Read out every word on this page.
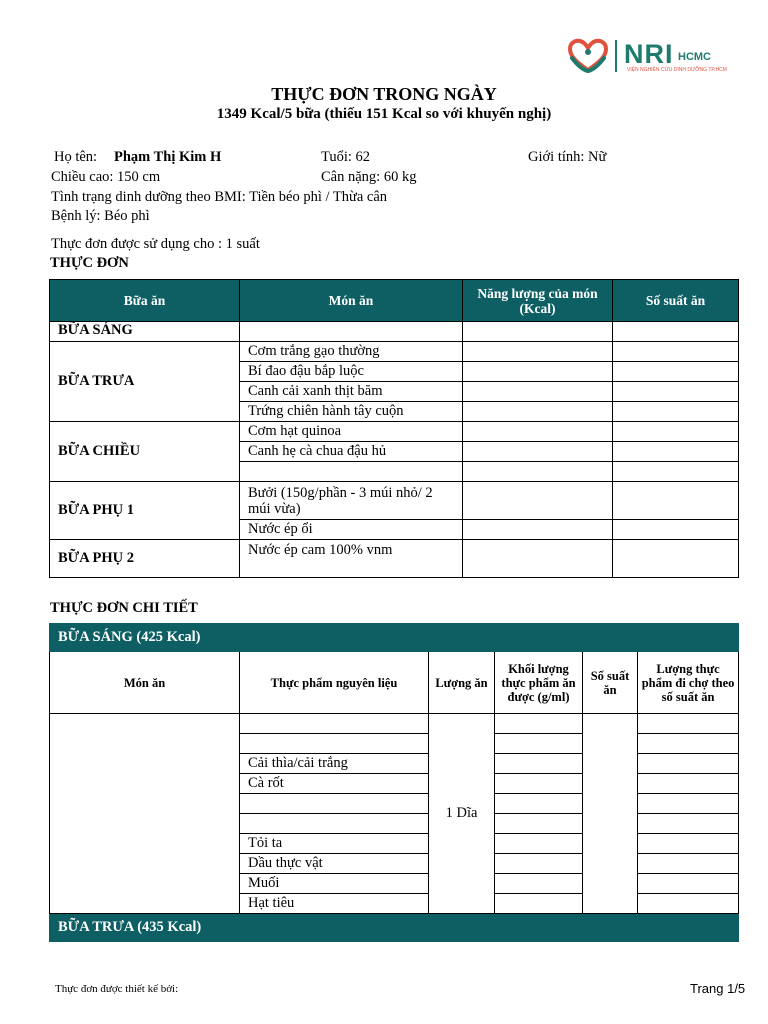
NRI HCMC
VIỆN NGHIÊN CỨU DINH DƯỠNG TP.HCM
THỰC ĐƠN TRONG NGÀY
1349 Kcal/5 bữa (thiếu 151 Kcal so với khuyến nghị)
Họ tên: Phạm Thị Kim H	Tuổi: 62	Giới tính: Nữ
Chiều cao: 150 cm	Cân nặng: 60 kg
Tình trạng dinh dưỡng theo BMI: Tiền béo phì / Thừa cân
Bệnh lý: Béo phì
Thực đơn được sử dụng cho : 1 suất
THỰC ĐƠN
Bữa ăn	Món ăn	Năng lượng của món (Kcal)	Số suất ăn
BỮA SÁNG			
BỮA TRƯA	Cơm trắng gạo thường		
	Bí đao đậu bắp luộc		
	Canh cải xanh thịt băm		
	Trứng chiên hành tây cuộn		
BỮA CHIỀU	Cơm hạt quinoa		
	Canh hẹ cà chua đậu hủ		

BỮA PHỤ 1	Bưởi (150g/phần - 3 múi nhỏ/ 2 múi vừa)		
	Nước ép ổi		
BỮA PHỤ 2	Nước ép cam 100% vnm		
THỰC ĐƠN CHI TIẾT
BỮA SÁNG (425 Kcal)					
Món ăn	Thực phẩm nguyên liệu	Lượng ăn	Khối lượng thực phẩm ăn được (g/ml)	Số suất ăn	Lượng thực phẩm đi chợ theo số suất ăn
		1 Dĩa			

	Cải thìa/cải trắng				
	Cà rốt				

	Tỏi ta				
	Dầu thực vật				
	Muối				
	Hạt tiêu				
BỮA TRƯA (435 Kcal)					
Thực đơn được thiết kế bởi:	Trang 1/5
